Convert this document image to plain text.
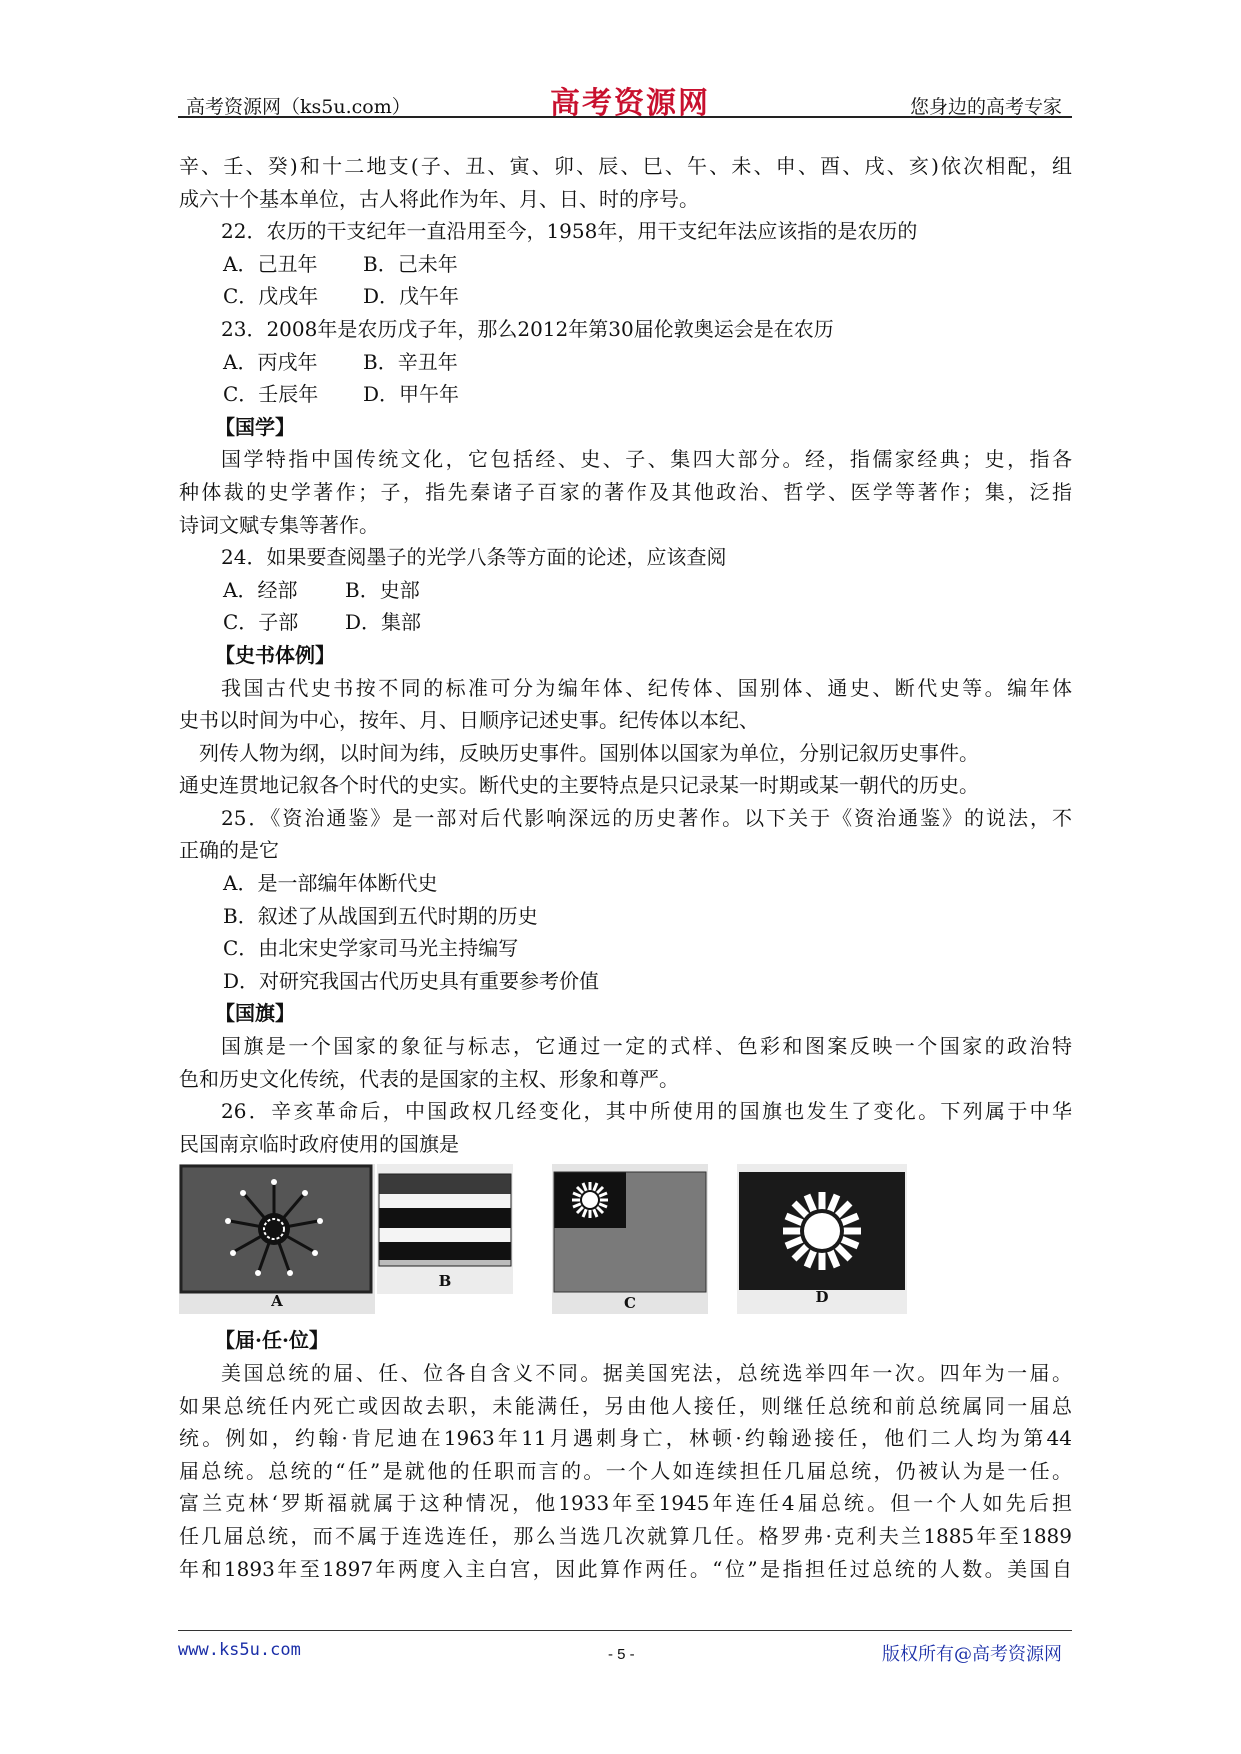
高考资源网（ks5u.com）	高考资源网	您身边的高考专家
辛、壬、癸)和十二地支(子、丑、寅、卯、辰、巳、午、未、申、酉、戌、亥)依次相配，组
成六十个基本单位，古人将此作为年、月、日、时的序号。
22．农历的干支纪年一直沿用至今，1958年，用干支纪年法应该指的是农历的
A．己丑年 B．己未年
C．戊戌年 D．戊午年
23．2008年是农历戊子年，那么2012年第30届伦敦奥运会是在农历
A．丙戌年 B．辛丑年
C．壬辰年 D．甲午年
【国学】
国学特指中国传统文化，它包括经、史、子、集四大部分。经，指儒家经典；史，指各
种体裁的史学著作；子，指先秦诸子百家的著作及其他政治、哲学、医学等著作；集，泛指
诗词文赋专集等著作。
24．如果要查阅墨子的光学八条等方面的论述，应该查阅
A．经部 B．史部
C．子部 D．集部
【史书体例】
我国古代史书按不同的标准可分为编年体、纪传体、国别体、通史、断代史等。编年体
史书以时间为中心，按年、月、日顺序记述史事。纪传体以本纪、
列传人物为纲，以时间为纬，反映历史事件。国别体以国家为单位，分别记叙历史事件。
通史连贯地记叙各个时代的史实。断代史的主要特点是只记录某一时期或某一朝代的历史。
25．《资治通鉴》是一部对后代影响深远的历史著作。以下关于《资治通鉴》的说法，不
正确的是它
A．是一部编年体断代史
B．叙述了从战国到五代时期的历史
C．由北宋史学家司马光主持编写
D．对研究我国古代历史具有重要参考价值
【国旗】
国旗是一个国家的象征与标志，它通过一定的式样、色彩和图案反映一个国家的政治特
色和历史文化传统，代表的是国家的主权、形象和尊严。
26．辛亥革命后，中国政权几经变化，其中所使用的国旗也发生了变化。下列属于中华
民国南京临时政府使用的国旗是
A
B
C	D
【届·任·位】
美国总统的届、任、位各自含义不同。据美国宪法，总统选举四年一次。四年为一届。
如果总统任内死亡或因故去职，未能满任，另由他人接任，则继任总统和前总统属同一届总
统。例如，约翰·肯尼迪在1963年11月遇刺身亡，林顿·约翰逊接任，他们二人均为第44
届总统。总统的“任”是就他的任职而言的。一个人如连续担任几届总统，仍被认为是一任。
富兰克林‘罗斯福就属于这种情况，他1933年至1945年连任4届总统。但一个人如先后担
任几届总统，而不属于连选连任，那么当选几次就算几任。格罗弗·克利夫兰1885年至1889
年和1893年至1897年两度入主白宫，因此算作两任。“位”是指担任过总统的人数。美国自
www.ks5u.com	- 5 -	版权所有@高考资源网
